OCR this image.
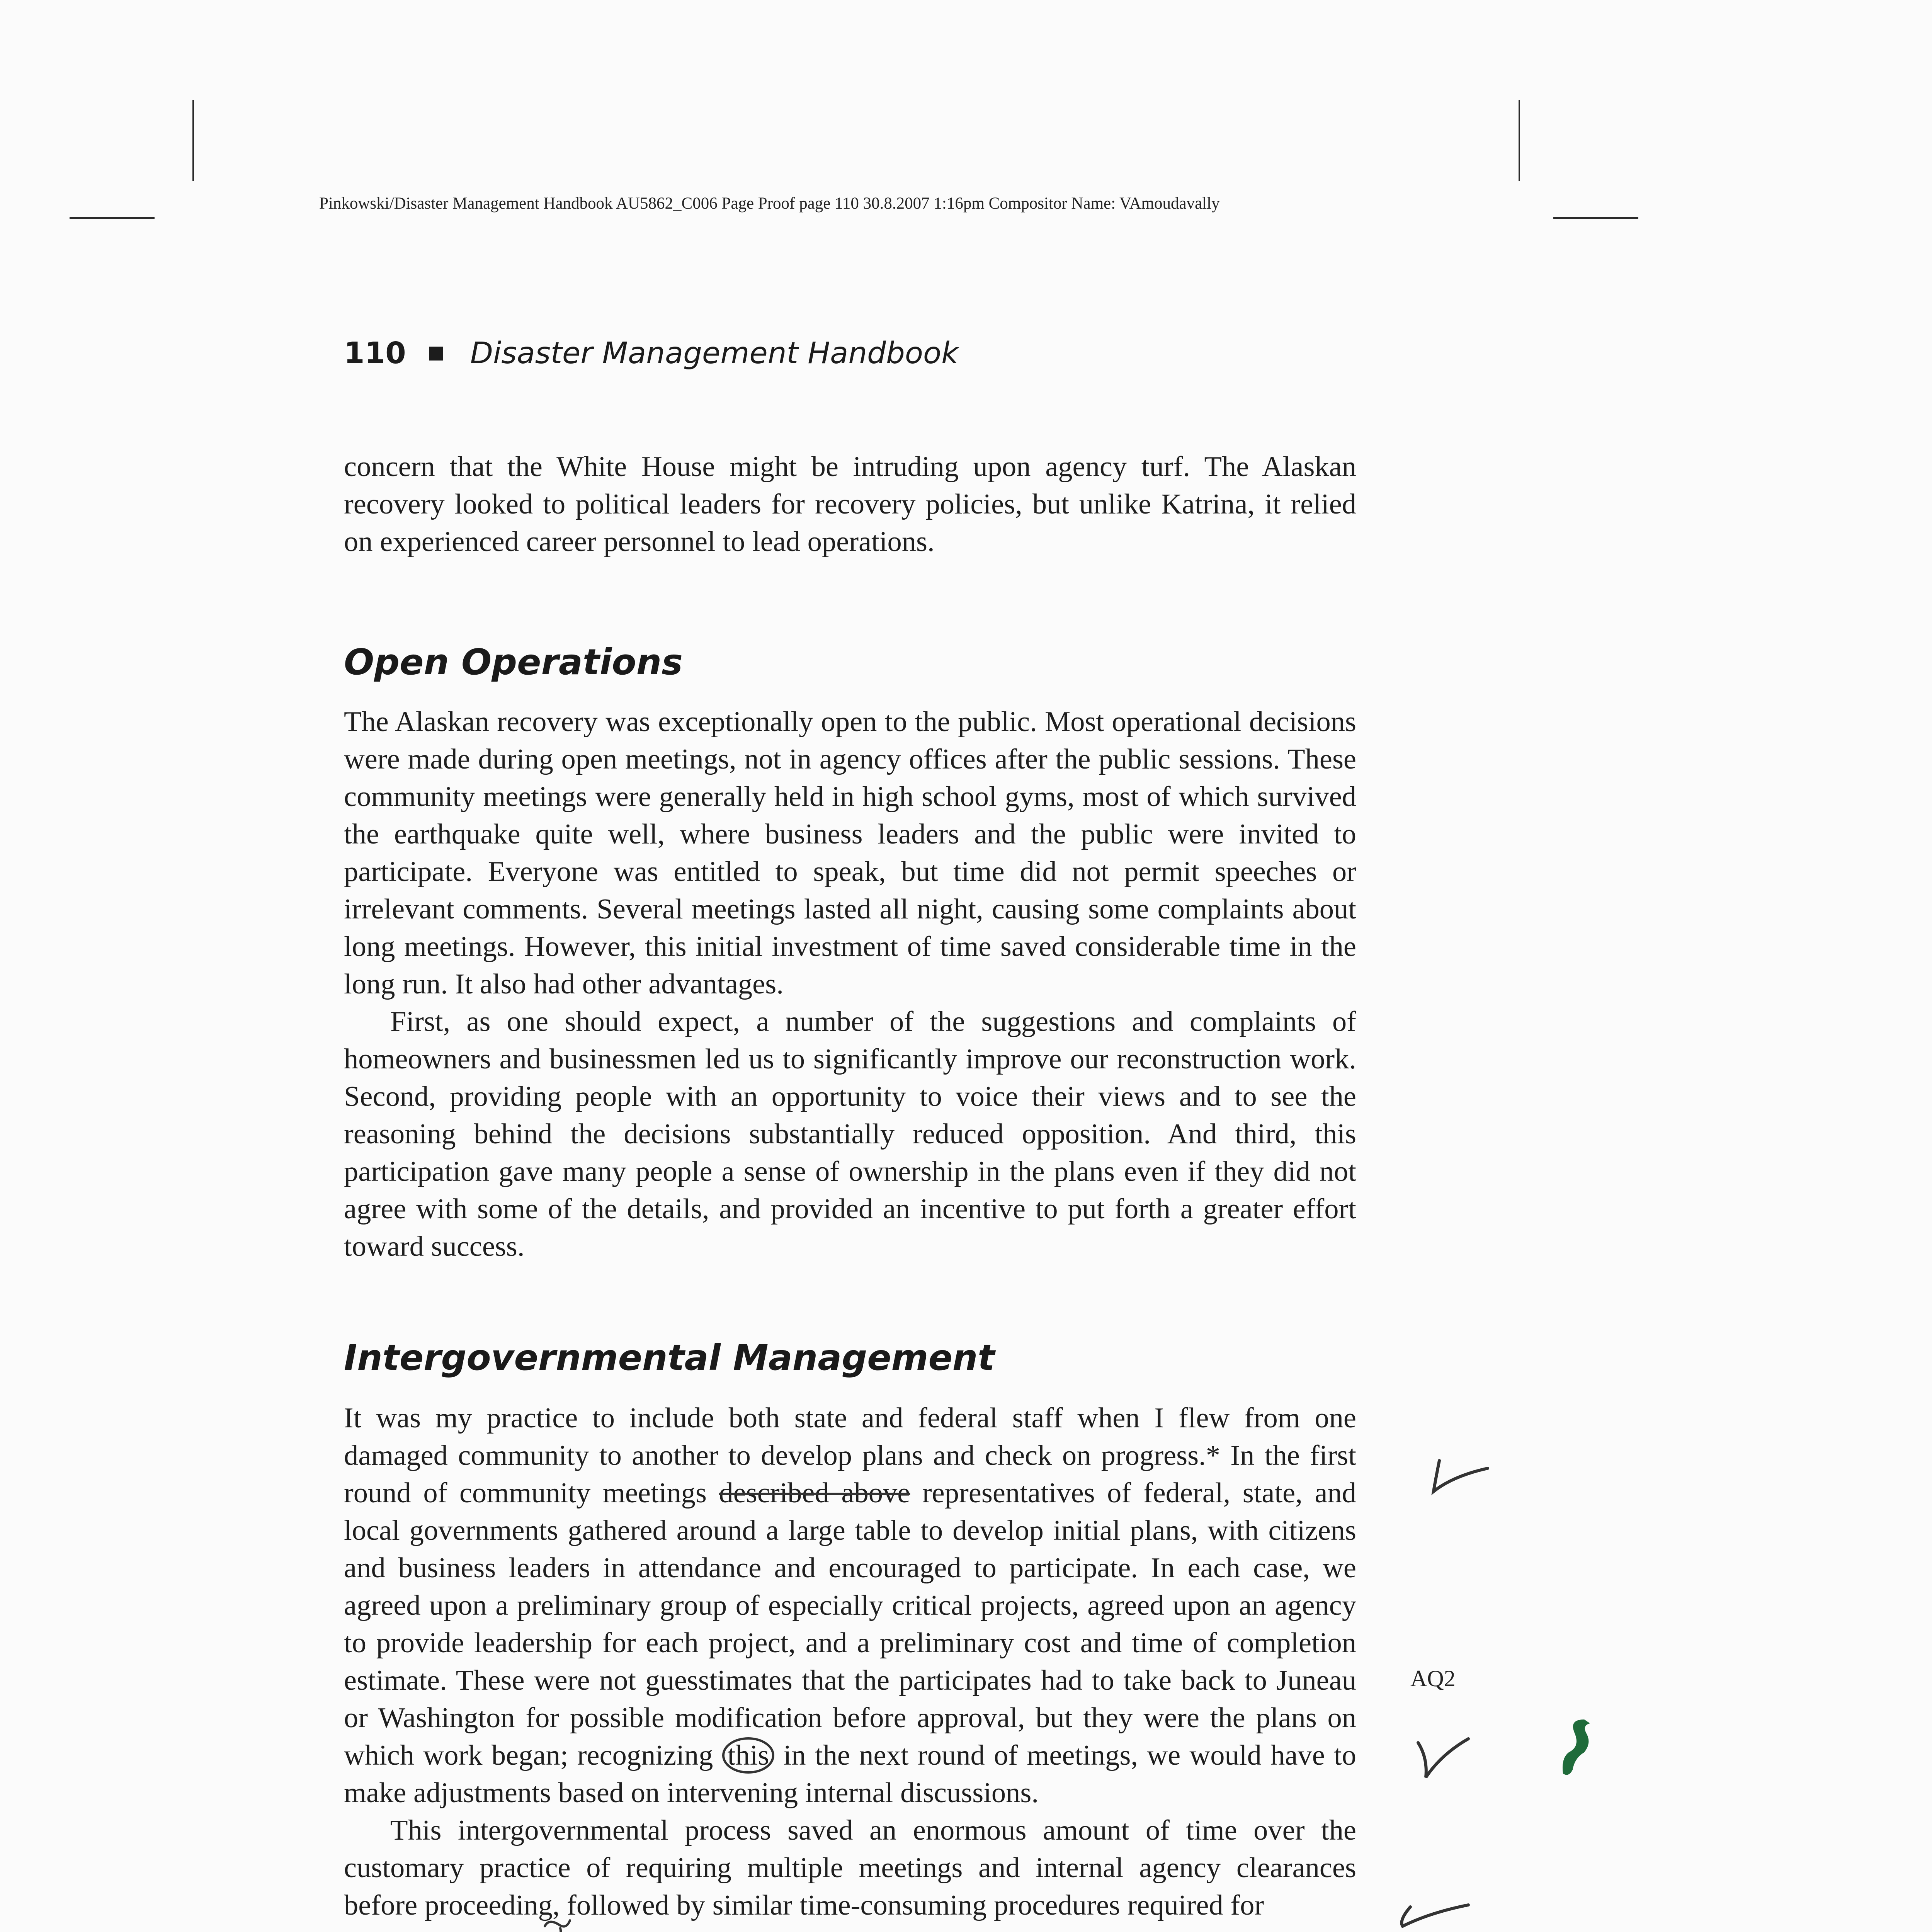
Pinkowski/Disaster Management Handbook AU5862_C006 Page Proof page 110 30.8.2007 1:16pm Compositor Name: VAmoudavally
110 Disaster Management Handbook

concern that the White House might be intruding upon agency turf. The Alaskan recovery looked to political leaders for recovery policies, but unlike Katrina, it relied on experienced career personnel to lead operations.

Open Operations

The Alaskan recovery was exceptionally open to the public. Most operational decisions were made during open meetings, not in agency offices after the public sessions. These community meetings were generally held in high school gyms, most of which survived the earthquake quite well, where business leaders and the public were invited to participate. Everyone was entitled to speak, but time did not permit speeches or irrelevant comments. Several meetings lasted all night, causing some complaints about long meetings. However, this initial investment of time saved considerable time in the long run. It also had other advantages.

First, as one should expect, a number of the suggestions and complaints of homeowners and businessmen led us to significantly improve our reconstruction work. Second, providing people with an opportunity to voice their views and to see the reasoning behind the decisions substantially reduced opposition. And third, this participation gave many people a sense of ownership in the plans even if they did not agree with some of the details, and provided an incentive to put forth a greater effort toward success.

Intergovernmental Management

It was my practice to include both state and federal staff when I flew from one damaged community to another to develop plans and check on progress.* In the first round of community meetings described above representatives of federal, state, and local governments gathered around a large table to develop initial plans, with citizens and business leaders in attendance and encouraged to participate. In each case, we agreed upon a preliminary group of especially critical projects, agreed upon an agency to provide leadership for each project, and a preliminary cost and time of completion estimate. These were not guesstimates that the participates had to take back to Juneau or Washington for possible modification before approval, but they were the plans on which work began; recognizing this in the next round of meetings, we would have to make adjustments based on intervening internal discussions.

This intergovernmental process saved an enormous amount of time over the customary practice of requiring multiple meetings and internal agency clearances before proceeding, followed by similar time-consuming procedures required for

AQ2
